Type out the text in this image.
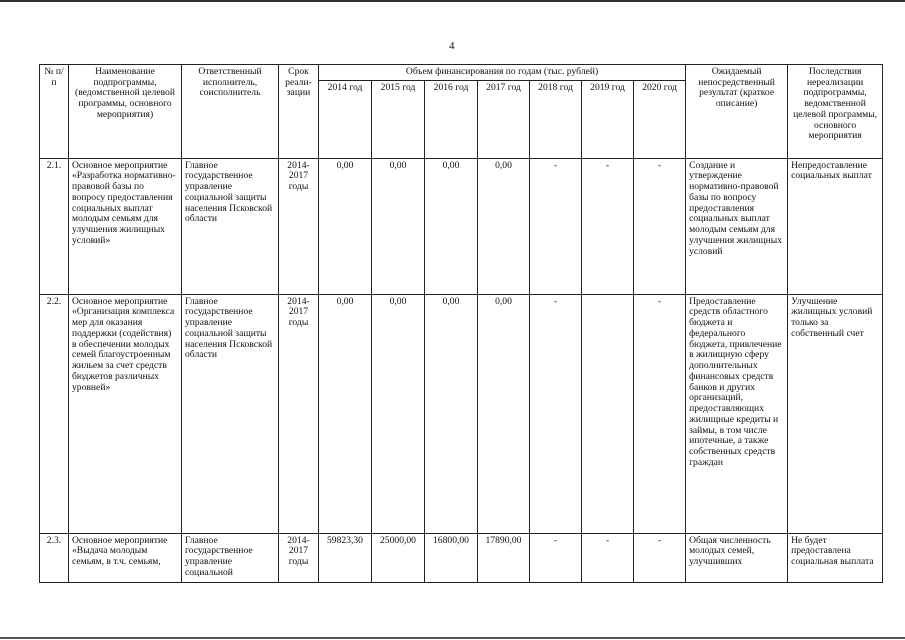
4
№ п/п	Наименование подпрограммы, (ведомственной целевой программы, основного мероприятия)	Ответственный исполнитель, соисполнитель	Срок реали-зации	Объем финансирования по годам (тыс. рублей)							Ожидаемый непосредственный результат (краткое описание)	Последствия нереализации подпрограммы, ведомственной целевой программы, основного мероприятия
				2014 год	2015 год	2016 год	2017 год	2018 год	2019 год	2020 год		
2.1.	Основное мероприятие «Разработка нормативно-правовой базы по вопросу предоставления социальных выплат молодым семьям для улучшения жилищных условий»	Главное государственное управление социальной защиты населения Псковской области	2014-2017 годы	0,00	0,00	0,00	0,00	-	-	-	Создание и утверждение нормативно-правовой базы по вопросу предоставления социальных выплат молодым семьям для улучшения жилищных условий	Непредоставление социальных выплат
2.2.	Основное мероприятие «Организация комплекса мер для оказания поддержки (содействия) в обеспечении молодых семей благоустроенным жильем за счет средств бюджетов различных уровней»	Главное государственное управление социальной защиты населения Псковской области	2014-2017 годы	0,00	0,00	0,00	0,00	-		-	Предоставление средств областного бюджета и федерального бюджета, привлечение в жилищную сферу дополнительных финансовых средств банков и других организаций, предоставляющих жилищные кредиты и займы, в том числе ипотечные, а также собственных средств граждан	Улучшение жилищных условий только за собственный счет
2.3.	Основное мероприятие «Выдача молодым семьям, в т.ч. семьям,	Главное государственное управление социальной	2014-2017 годы	59823,30	25000,00	16800,00	17890,00	-	-	-	Общая численность молодых семей, улучшивших	Не будет предоставлена социальная выплата
